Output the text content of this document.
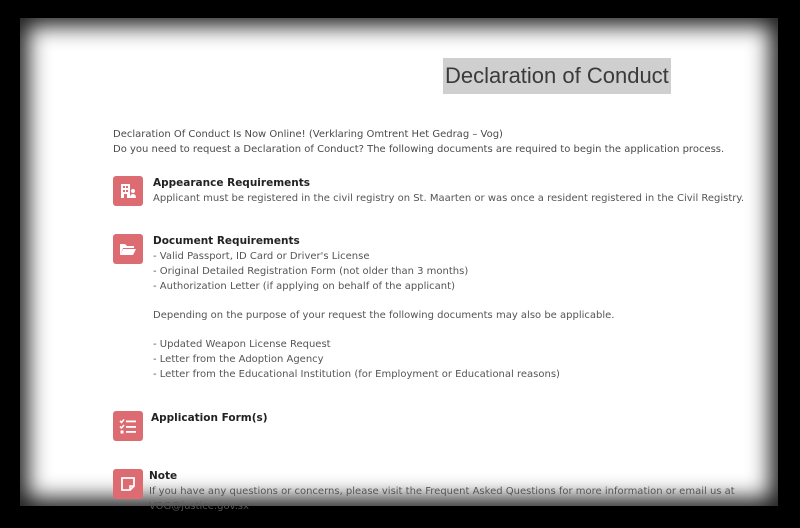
Declaration of Conduct
Declaration Of Conduct Is Now Online! (Verklaring Omtrent Het Gedrag – Vog)
Do you need to request a Declaration of Conduct? The following documents are required to begin the application process.
Appearance Requirements
Applicant must be registered in the civil registry on St. Maarten or was once a resident registered in the Civil Registry.
Document Requirements
- Valid Passport, ID Card or Driver's License
- Original Detailed Registration Form (not older than 3 months)
- Authorization Letter (if applying on behalf of the applicant)
Depending on the purpose of your request the following documents may also be applicable.
- Updated Weapon License Request
- Letter from the Adoption Agency
- Letter from the Educational Institution (for Employment or Educational reasons)
Application Form(s)
Note
If you have any questions or concerns, please visit the Frequent Asked Questions for more information or email us at
VOG@justice.gov.sx
